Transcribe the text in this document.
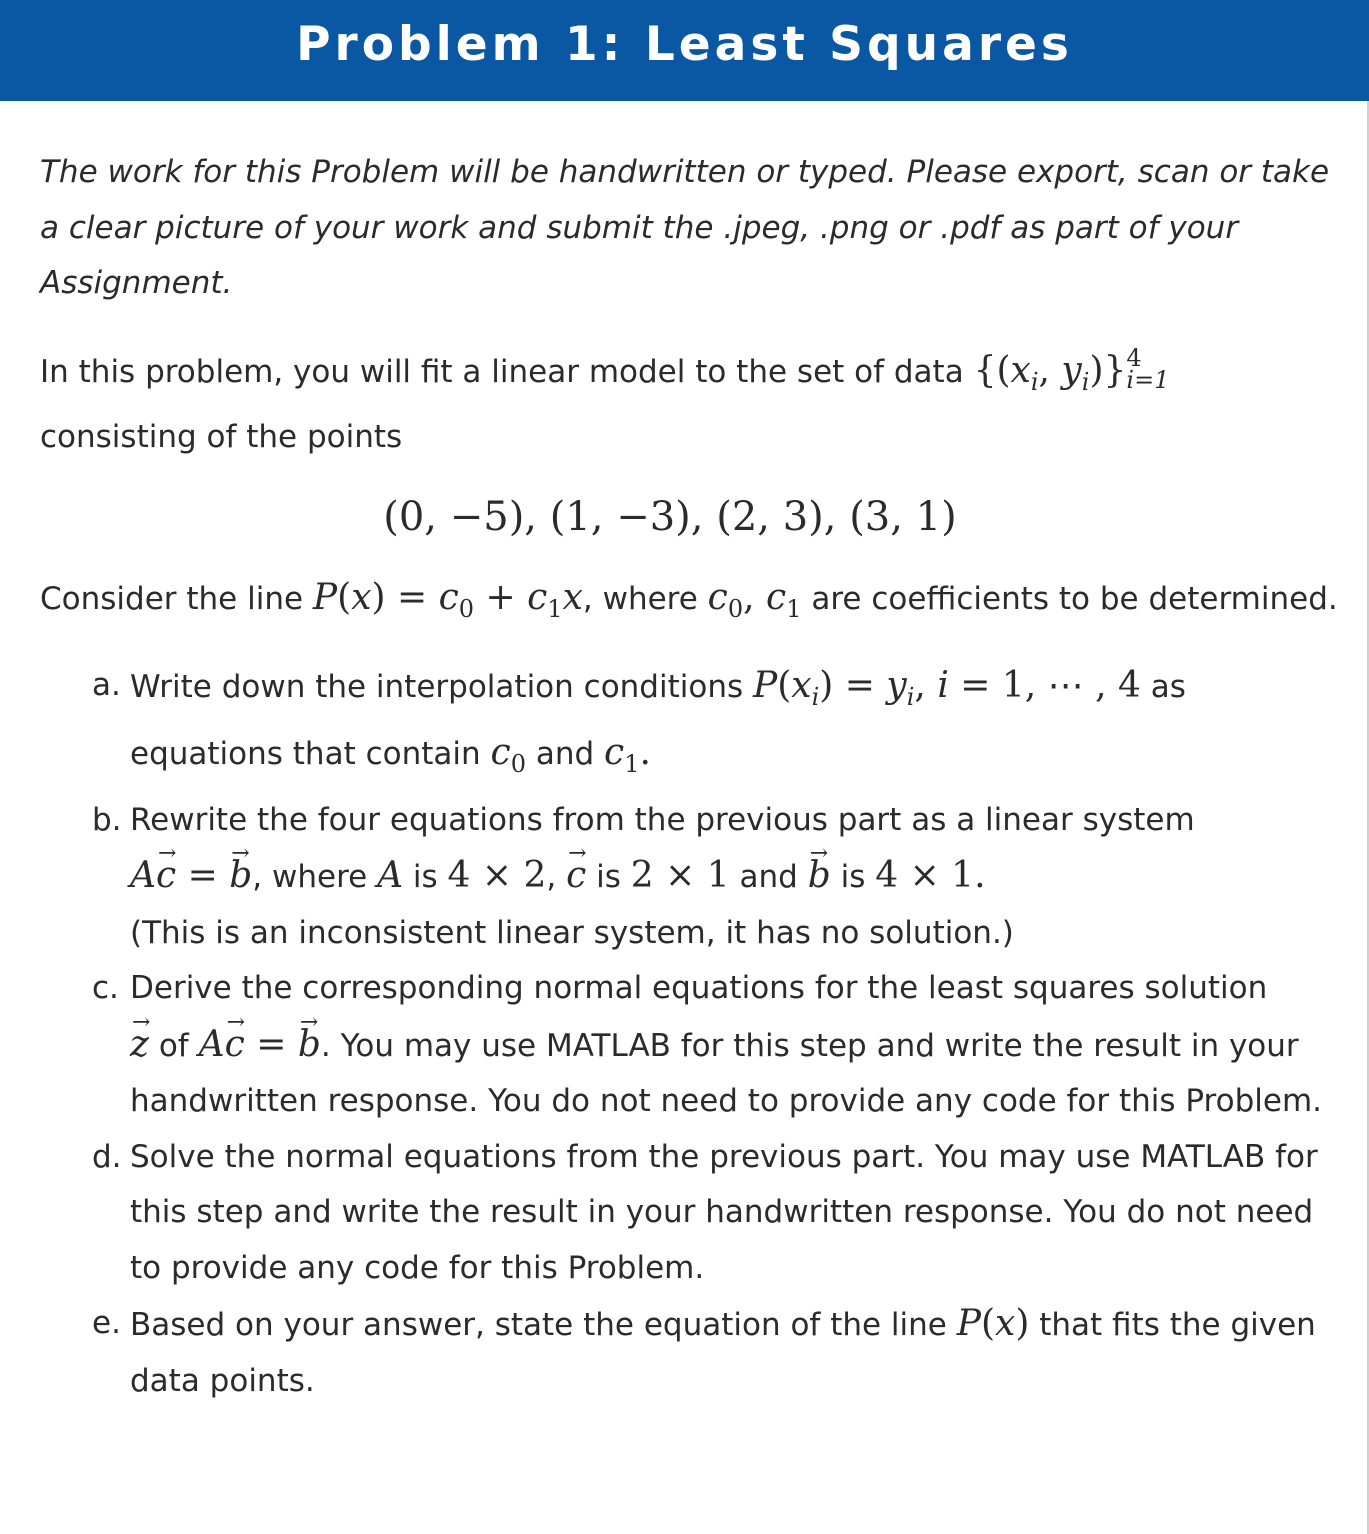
Problem 1: Least Squares

The work for this Problem will be handwritten or typed. Please export, scan or take a clear picture of your work and submit the .jpeg, .png or .pdf as part of your Assignment.

In this problem, you will fit a linear model to the set of data {($x_i$, $y_i$)} 4
i=1

consisting of the points

(0, −5), (1, −3), (2, 3), (3, 1)

Consider the line $P(x) = c_0 + c_1x$, where $c_0$, $c_1$ are coefficients to be determined.

a. Write down the interpolation conditions $P(x_i) = y_i$, i = 1, ⋯ , 4 as equations that contain $c_0$ and $c_1$.
b. Rewrite the four equations from the previous part as a linear system
A→ c = → b, where A is 4 × 2, → c is 2 × 1 and → b is 4 × 1.
(This is an inconsistent linear system, it has no solution.)
c. Derive the corresponding normal equations for the least squares solution
→ z of A→ c = → b. You may use MATLAB for this step and write the result in your handwritten response. You do not need to provide any code for this Problem.
d. Solve the normal equations from the previous part. You may use MATLAB for this step and write the result in your handwritten response. You do not need to provide any code for this Problem.
e. Based on your answer, state the equation of the line P(x) that fits the given data points.
